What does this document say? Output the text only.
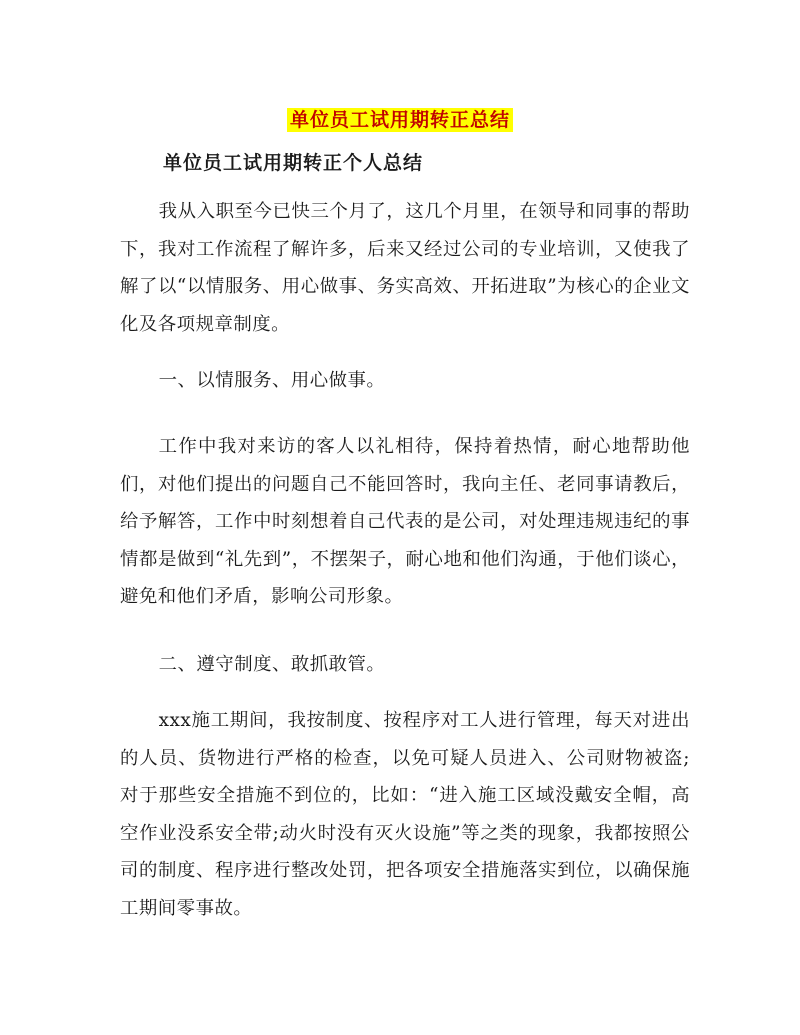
单位员工试用期转正总结
单位员工试用期转正个人总结

我从入职至今已快三个月了，这几个月里，在领导和同事的帮助下，我对工作流程了解许多，后来又经过公司的专业培训，又使我了解了以“以情服务、用心做事、务实高效、开拓进取”为核心的企业文化及各项规章制度。

一、以情服务、用心做事。

工作中我对来访的客人以礼相待，保持着热情，耐心地帮助他们，对他们提出的问题自己不能回答时，我向主任、老同事请教后，给予解答，工作中时刻想着自己代表的是公司，对处理违规违纪的事情都是做到“礼先到”，不摆架子，耐心地和他们沟通，于他们谈心，避免和他们矛盾，影响公司形象。

二、遵守制度、敢抓敢管。

xxx施工期间，我按制度、按程序对工人进行管理，每天对进出的人员、货物进行严格的检查，以免可疑人员进入、公司财物被盗;对于那些安全措施不到位的，比如：“进入施工区域没戴安全帽，高空作业没系安全带;动火时没有灭火设施”等之类的现象，我都按照公司的制度、程序进行整改处罚，把各项安全措施落实到位，以确保施工期间零事故。
